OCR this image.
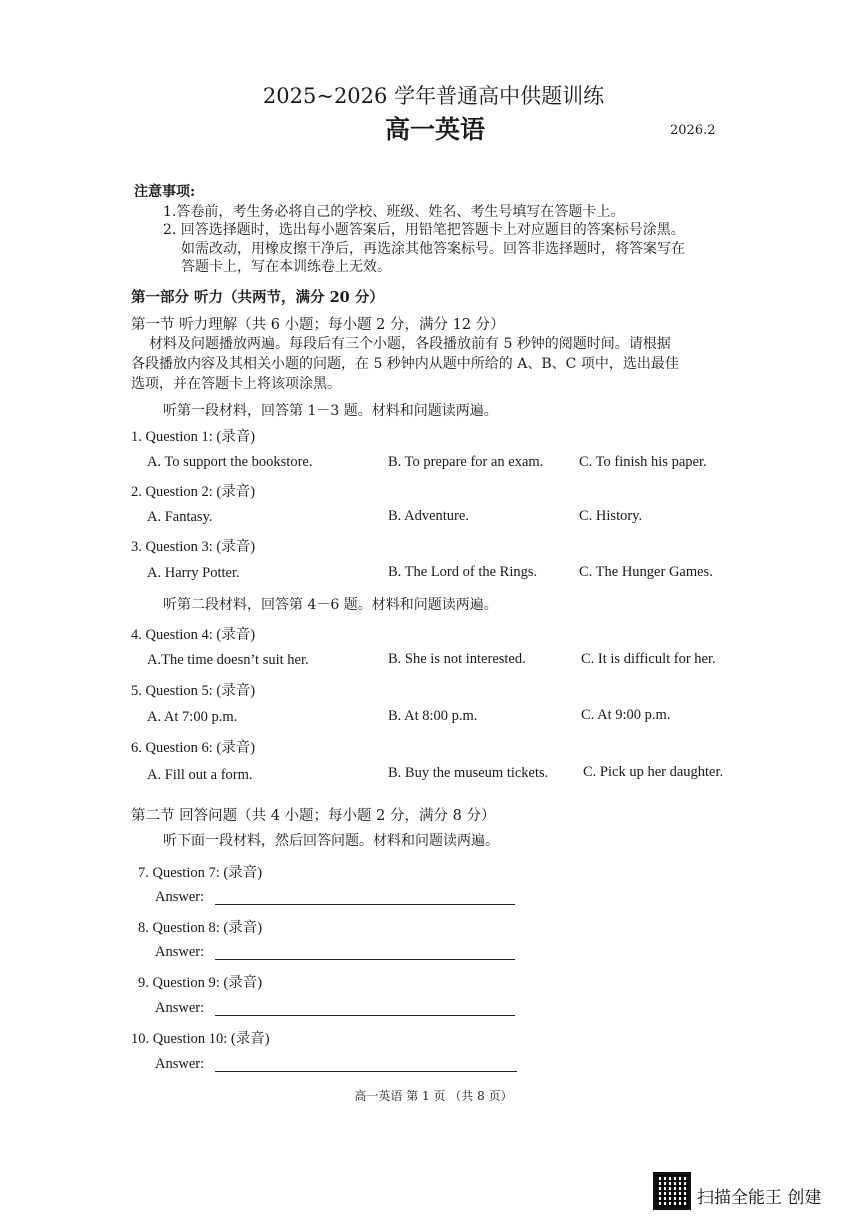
2025~2026 学年普通高中供题训练
高一英语	2026.2
注意事项:
1.答卷前，考生务必将自己的学校、班级、姓名、考生号填写在答题卡上。
2. 回答选择题时，选出每小题答案后，用铅笔把答题卡上对应题目的答案标号涂黑。
如需改动，用橡皮擦干净后，再选涂其他答案标号。回答非选择题时，将答案写在
答题卡上，写在本训练卷上无效。
第一部分 听力（共两节，满分 20 分）
第一节 听力理解（共 6 小题；每小题 2 分，满分 12 分）
材料及问题播放两遍。每段后有三个小题，各段播放前有 5 秒钟的阅题时间。请根据
各段播放内容及其相关小题的问题，在 5 秒钟内从题中所给的 A、B、C 项中，选出最佳
选项，并在答题卡上将该项涂黑。
听第一段材料，回答第 1－3 题。材料和问题读两遍。
1. Question 1: (录音)
A. To support the bookstore.	B. To prepare for an exam. C. To finish his paper.
2. Question 2: (录音)
A. Fantasy.	B. Adventure.	C. History.
3. Question 3: (录音)
A. Harry Potter.	B. The Lord of the Rings.	C. The Hunger Games.
听第二段材料，回答第 4－6 题。材料和问题读两遍。
4. Question 4: (录音)
A.The time doesn’t suit her.	B. She is not interested.	C. It is difficult for her.
5. Question 5: (录音)
A. At 7:00 p.m.	B. At 8:00 p.m.	C. At 9:00 p.m.
6. Question 6: (录音)
A. Fill out a form.	B. Buy the museum tickets. C. Pick up her daughter.
第二节 回答问题（共 4 小题；每小题 2 分，满分 8 分）
听下面一段材料，然后回答问题。材料和问题读两遍。
7. Question 7: (录音)
Answer:
8. Question 8: (录音)
Answer:
9. Question 9: (录音)
Answer:
10. Question 10: (录音)
Answer:
高一英语 第 1 页 （共 8 页）
扫描全能王 创建
